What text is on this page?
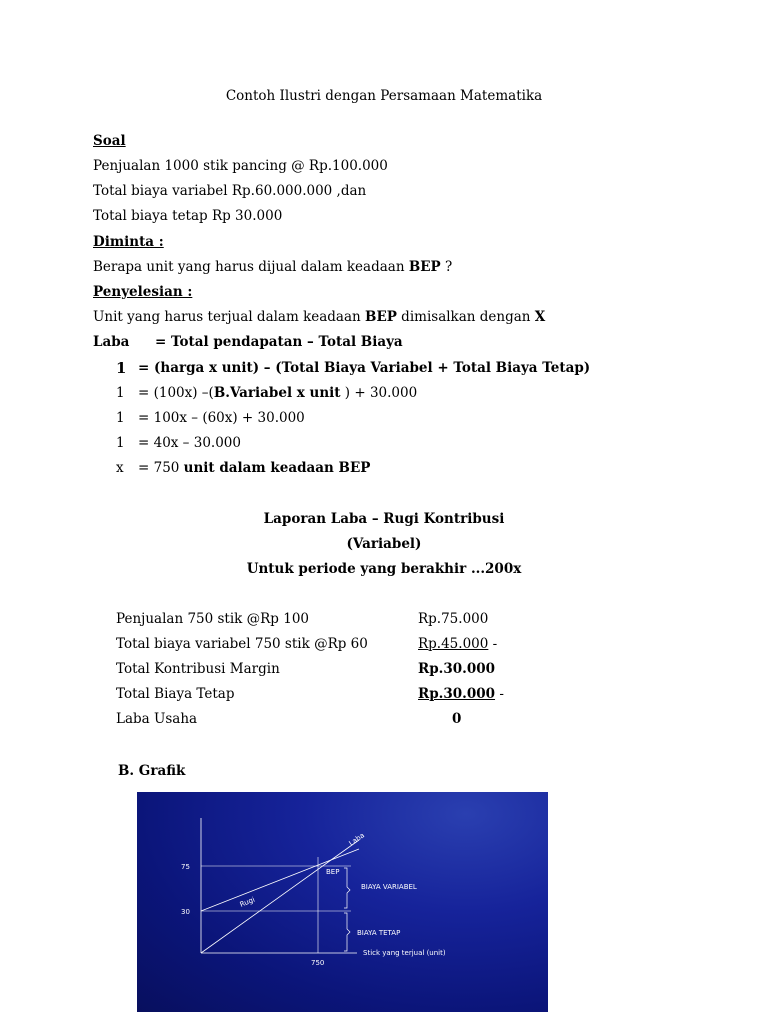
Contoh Ilustri dengan Persamaan Matematika
Soal
Penjualan 1000 stik pancing @ Rp.100.000
Total biaya variabel Rp.60.000.000 ,dan
Total biaya tetap Rp 30.000
Diminta :
Berapa unit yang harus dijual dalam keadaan BEP ?
Penyelesian :
Unit yang harus terjual dalam keadaan BEP dimisalkan dengan X
Laba = Total pendapatan – Total Biaya
1 = (harga x unit) – (Total Biaya Variabel + Total Biaya Tetap)
1 = (100x) –(B.Variabel x unit ) + 30.000
1 = 100x – (60x) + 30.000
1 = 40x – 30.000
x = 750 unit dalam keadaan BEP
Laporan Laba – Rugi Kontribusi
(Variabel)
Untuk periode yang berakhir ...200x
Penjualan 750 stik @Rp 100	Rp.75.000
Total biaya variabel 750 stik @Rp 60	Rp.45.000 -
Total Kontribusi Margin	Rp.30.000
Total Biaya Tetap	Rp.30.000 -
Laba Usaha	0
B. Grafik
75
30
750
Laba
Rugi
BEP
BIAYA VARIABEL
BIAYA TETAP
Stick yang terjual (unit)
